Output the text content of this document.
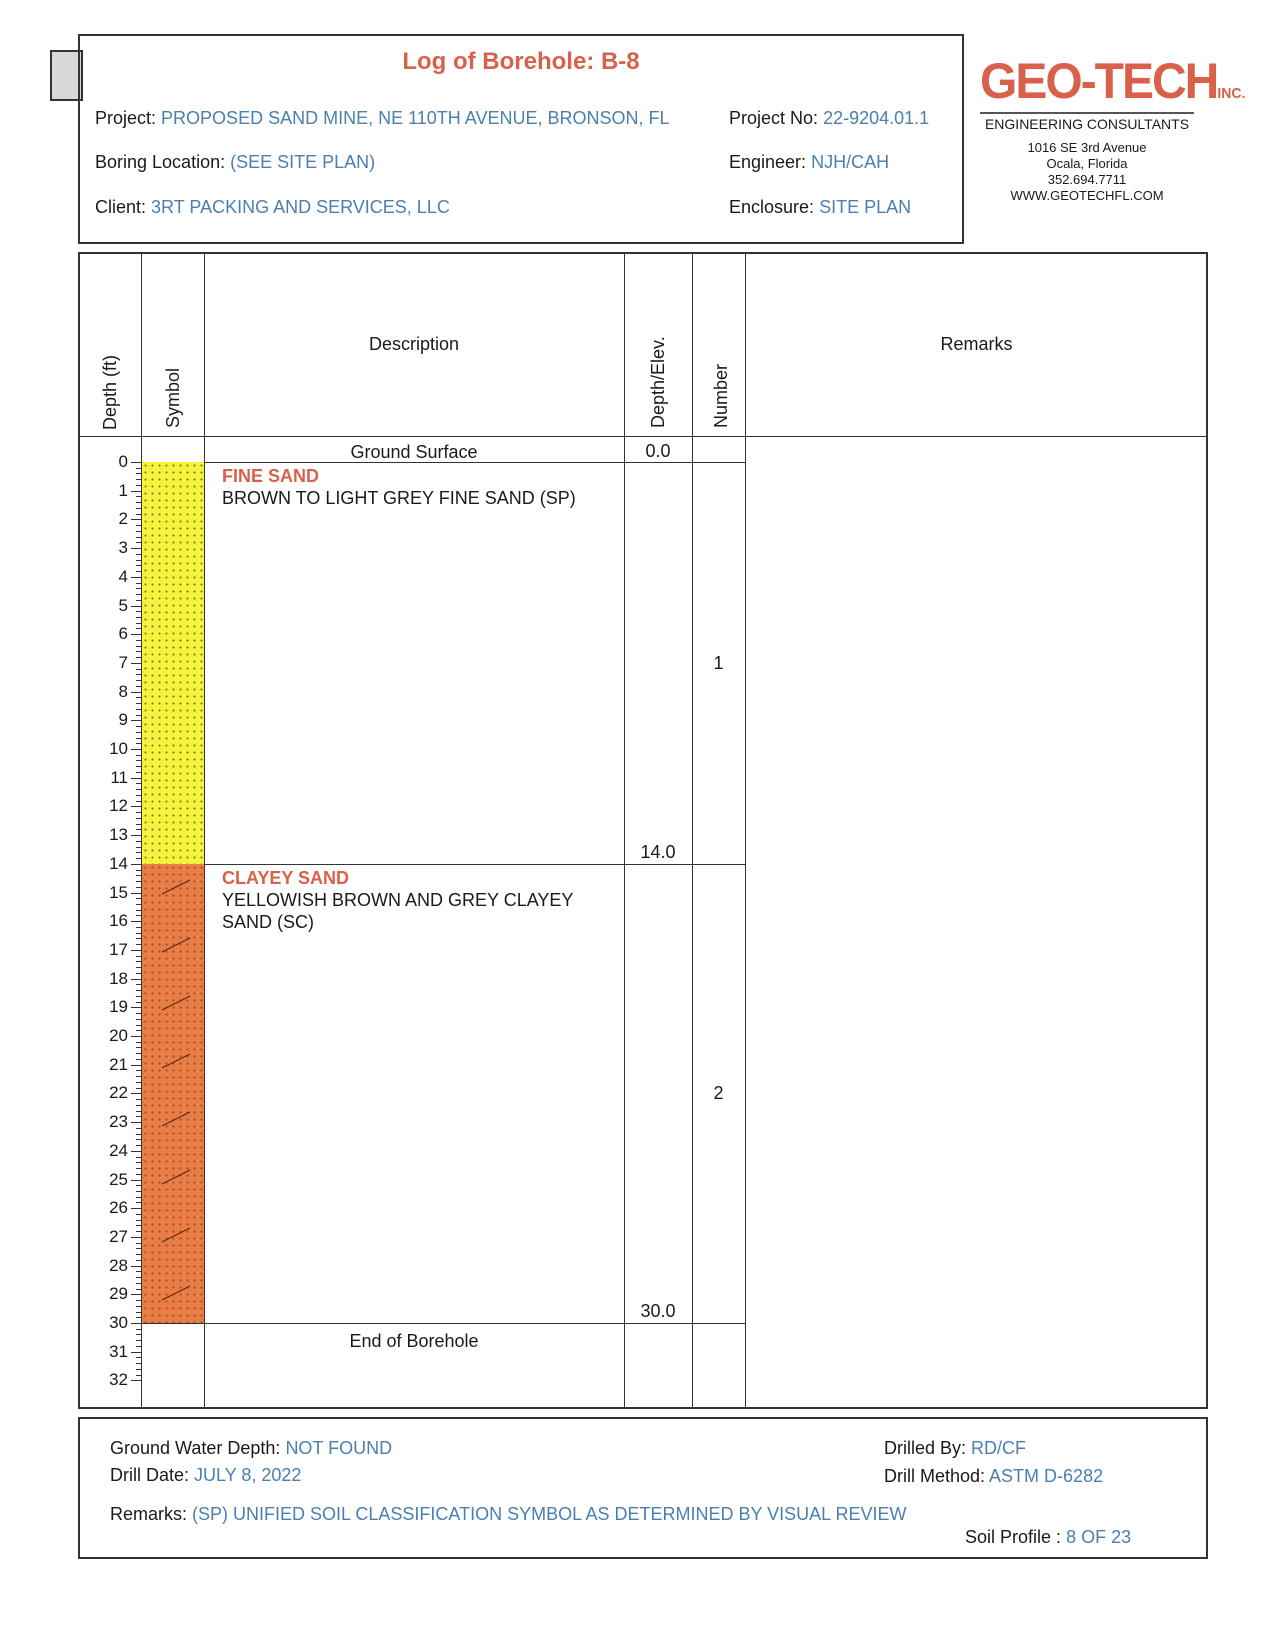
Log of Borehole: B-8
Project: PROPOSED SAND MINE, NE 110TH AVENUE, BRONSON, FL
Boring Location: (SEE SITE PLAN)
Client: 3RT PACKING AND SERVICES, LLC
Project No: 22-9204.01.1
Engineer: NJH/CAH
Enclosure: SITE PLAN
GEO-TECHINC.
ENGINEERING CONSULTANTS
1016 SE 3rd Avenue
Ocala, Florida
352.694.7711
WWW.GEOTECHFL.COM
Depth (ft) Symbol
Description	Depth/Elev. Number
Remarks
Ground Surface	0.0
0
1
2
3
4
5
6
7
8
9
10
11
12
13
14
15
16
17
18
19
20
21
22
23
24
25
26
27
28
29
30
31
32
FINE SAND
BROWN TO LIGHT GREY FINE SAND (SP)
14.0
1
CLAYEY SAND
YELLOWISH BROWN AND GREY CLAYEY SAND (SC)
30.0
2
End of Borehole
Ground Water Depth: NOT FOUND
Drill Date: JULY 8, 2022
Remarks: (SP) UNIFIED SOIL CLASSIFICATION SYMBOL AS DETERMINED BY VISUAL REVIEW
Drilled By: RD/CF
Drill Method: ASTM D-6282
Soil Profile : 8 OF 23
